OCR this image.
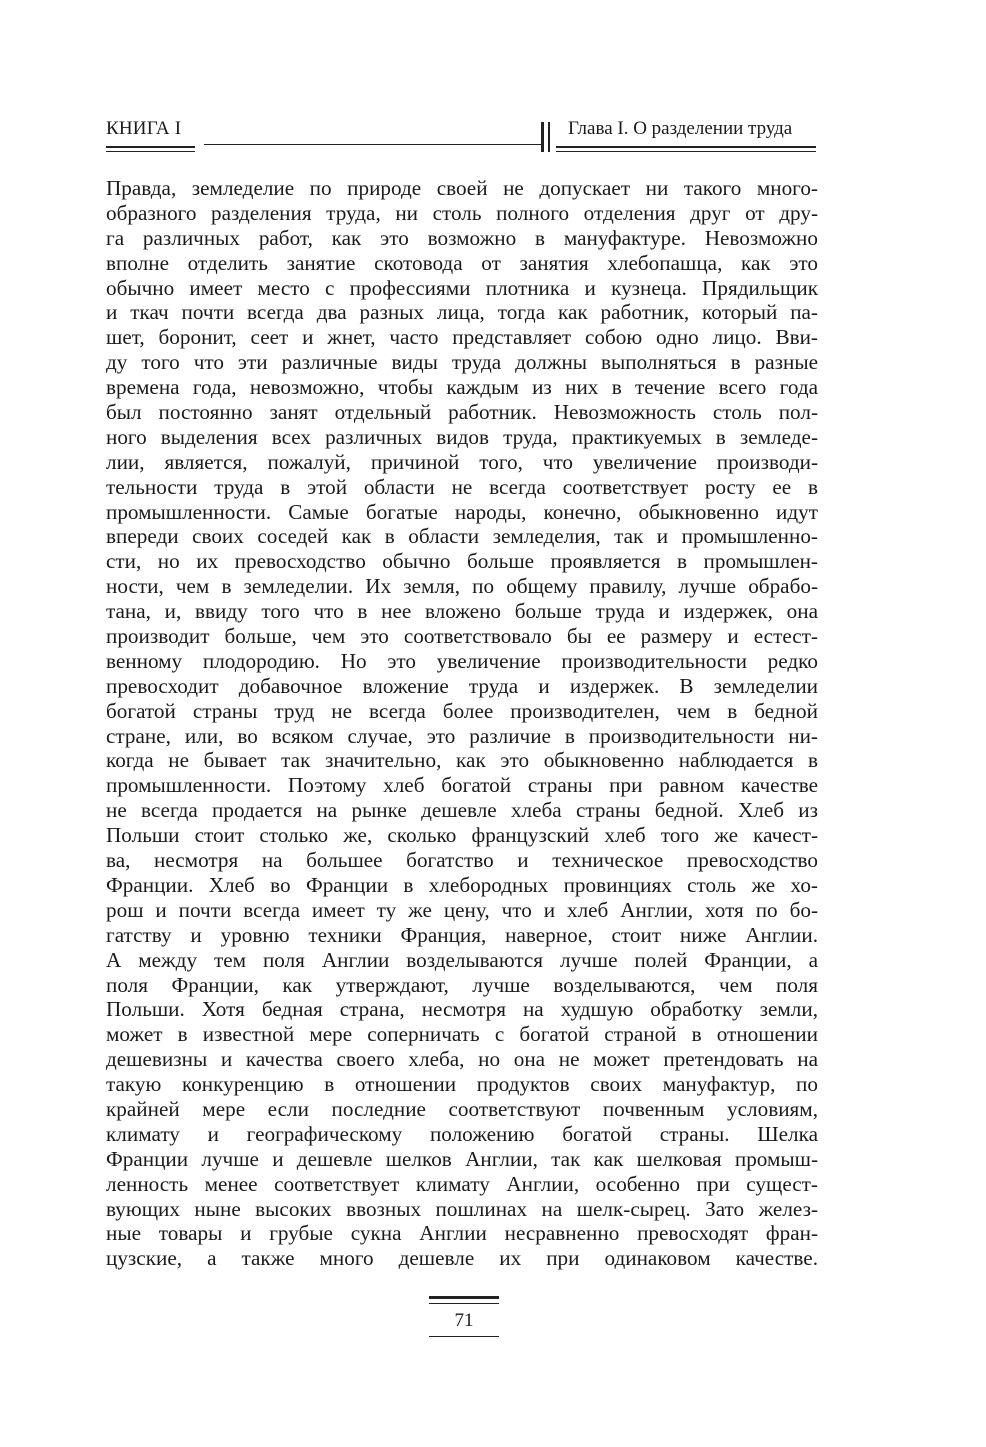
КНИГА I	Глава I. О разделении труда
Правда, земледелие по природе своей не допускает ни такого много-
образного разделения труда, ни столь полного отделения друг от дру-
га различных работ, как это возможно в мануфактуре. Невозможно
вполне отделить занятие скотовода от занятия хлебопашца, как это
обычно имеет место с профессиями плотника и кузнеца. Прядильщик
и ткач почти всегда два разных лица, тогда как работник, который па-
шет, боронит, сеет и жнет, часто представляет собою одно лицо. Вви-
ду того что эти различные виды труда должны выполняться в разные
времена года, невозможно, чтобы каждым из них в течение всего года
был постоянно занят отдельный работник. Невозможность столь пол-
ного выделения всех различных видов труда, практикуемых в земледе-
лии, является, пожалуй, причиной того, что увеличение производи-
тельности труда в этой области не всегда соответствует росту ее в
промышленности. Самые богатые народы, конечно, обыкновенно идут
впереди своих соседей как в области земледелия, так и промышленно-
сти, но их превосходство обычно больше проявляется в промышлен-
ности, чем в земледелии. Их земля, по общему правилу, лучше обрабо-
тана, и, ввиду того что в нее вложено больше труда и издержек, она
производит больше, чем это соответствовало бы ее размеру и естест-
венному плодородию. Но это увеличение производительности редко
превосходит добавочное вложение труда и издержек. В земледелии
богатой страны труд не всегда более производителен, чем в бедной
стране, или, во всяком случае, это различие в производительности ни-
когда не бывает так значительно, как это обыкновенно наблюдается в
промышленности. Поэтому хлеб богатой страны при равном качестве
не всегда продается на рынке дешевле хлеба страны бедной. Хлеб из
Польши стоит столько же, сколько французский хлеб того же качест-
ва, несмотря на большее богатство и техническое превосходство
Франции. Хлеб во Франции в хлебородных провинциях столь же хо-
рош и почти всегда имеет ту же цену, что и хлеб Англии, хотя по бо-
гатству и уровню техники Франция, наверное, стоит ниже Англии.
А между тем поля Англии возделываются лучше полей Франции, а
поля Франции, как утверждают, лучше возделываются, чем поля
Польши. Хотя бедная страна, несмотря на худшую обработку земли,
может в известной мере соперничать с богатой страной в отношении
дешевизны и качества своего хлеба, но она не может претендовать на
такую конкуренцию в отношении продуктов своих мануфактур, по
крайней мере если последние соответствуют почвенным условиям,
климату и географическому положению богатой страны. Шелка
Франции лучше и дешевле шелков Англии, так как шелковая промыш-
ленность менее соответствует климату Англии, особенно при сущест-
вующих ныне высоких ввозных пошлинах на шелк-сырец. Зато желез-
ные товары и грубые сукна Англии несравненно превосходят фран-
цузские, а также много дешевле их при одинаковом качестве.
71
